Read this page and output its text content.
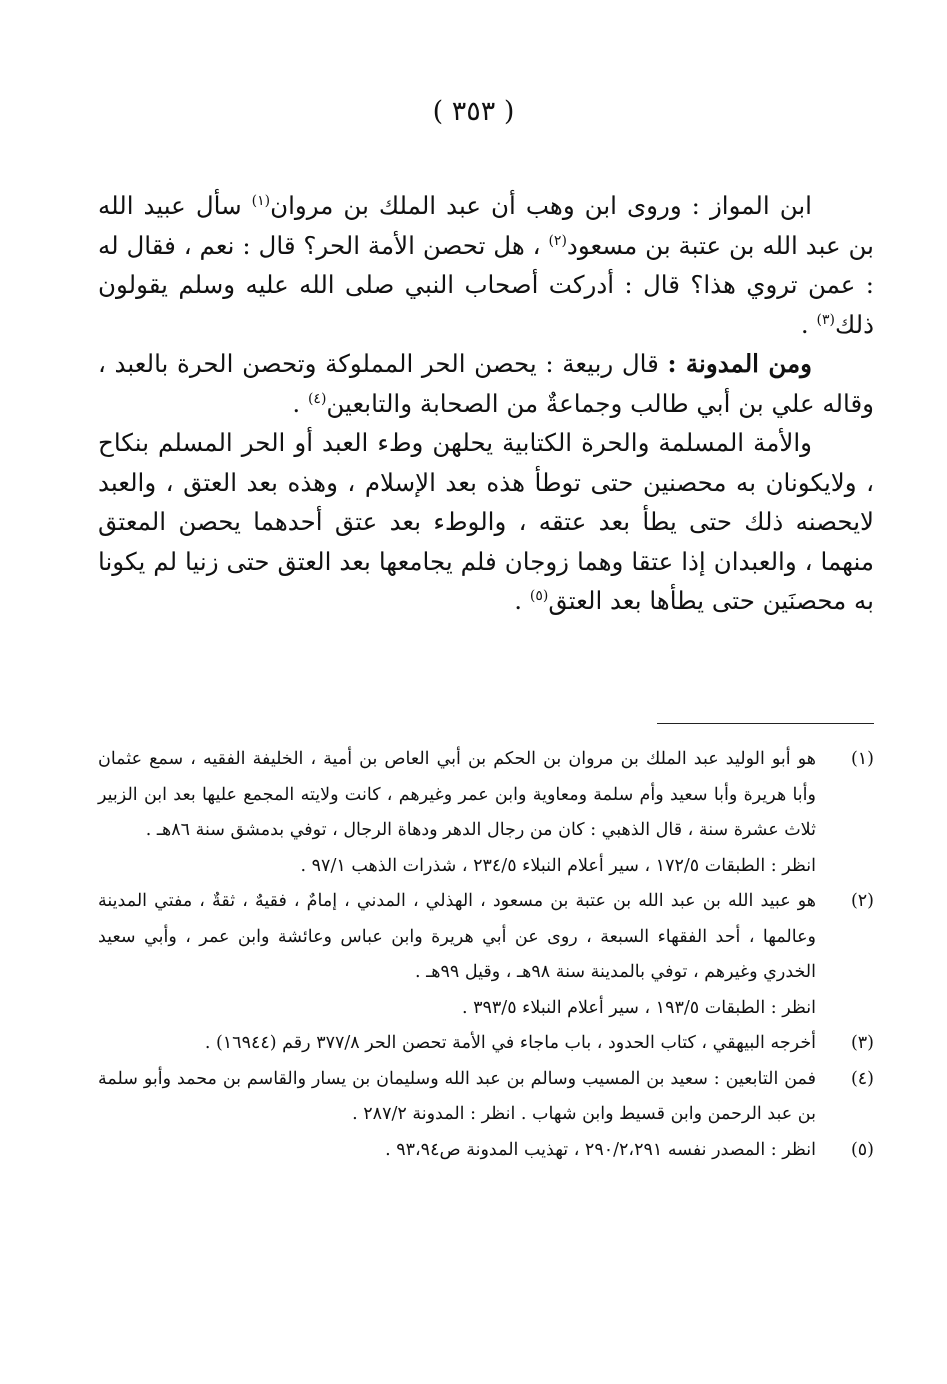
( ٣٥٣ )

ابن المواز : وروى ابن وهب أن عبد الملك بن مروان$^{(١)}$ سأل عبيد الله بن عبد الله بن عتبة بن مسعود$^{(٢)}$ ، هل تحصن الأمة الحر؟ قال : نعم ، فقال له : عمن تروي هذا؟ قال : أدركت أصحاب النبي صلى الله عليه وسلم يقولون ذلك$^{(٣)}$ .

ومن المدونة : قال ربيعة : يحصن الحر المملوكة وتحصن الحرة بالعبد ، وقاله علي بن أبي طالب وجماعةٌ من الصحابة والتابعين$^{(٤)}$ .

والأمة المسلمة والحرة الكتابية يحلهن وطء العبد أو الحر المسلم بنكاح ، ولايكونان به محصنين حتى توطأ هذه بعد الإسلام ، وهذه بعد العتق ، والعبد لايحصنه ذلك حتى يطأ بعد عتقه ، والوطء بعد عتق أحدهما يحصن المعتق منهما ، والعبدان إذا عتقا وهما زوجان فلم يجامعها بعد العتق حتى زنيا لم يكونا به محصنَين حتى يطأها بعد العتق$^{(٥)}$ .

(١)

هو أبو الوليد عبد الملك بن مروان بن الحكم بن أبي العاص بن أمية ، الخليفة الفقيه ، سمع عثمان وأبا هريرة وأبا سعيد وأم سلمة ومعاوية وابن عمر وغيرهم ، كانت ولايته المجمع عليها بعد ابن الزبير ثلاث عشرة سنة ، قال الذهبي : كان من رجال الدهر ودهاة الرجال ، توفي بدمشق سنة ٨٦هـ .

انظر : الطبقات ١٧٢/٥ ، سير أعلام النبلاء ٢٣٤/٥ ، شذرات الذهب ٩٧/١ .

(٢)

هو عبيد الله بن عبد الله بن عتبة بن مسعود ، الهذلي ، المدني ، إمامٌ ، فقيهٌ ، ثقةٌ ، مفتي المدينة وعالمها ، أحد الفقهاء السبعة ، روى عن أبي هريرة وابن عباس وعائشة وابن عمر ، وأبي سعيد الخدري وغيرهم ، توفي بالمدينة سنة ٩٨هـ ، وقيل ٩٩هـ .

انظر : الطبقات ١٩٣/٥ ، سير أعلام النبلاء ٣٩٣/٥ .

(٣)

أخرجه البيهقي ، كتاب الحدود ، باب ماجاء في الأمة تحصن الحر ٣٧٧/٨ رقم (١٦٩٤٤) .

(٤)

فمن التابعين : سعيد بن المسيب وسالم بن عبد الله وسليمان بن يسار والقاسم بن محمد وأبو سلمة بن عبد الرحمن وابن قسيط وابن شهاب . انظر : المدونة ٢٨٧/٢ .

(٥)

انظر : المصدر نفسه ٢٩٠/٢،٢٩١ ، تهذيب المدونة ص٩٣،٩٤ .
